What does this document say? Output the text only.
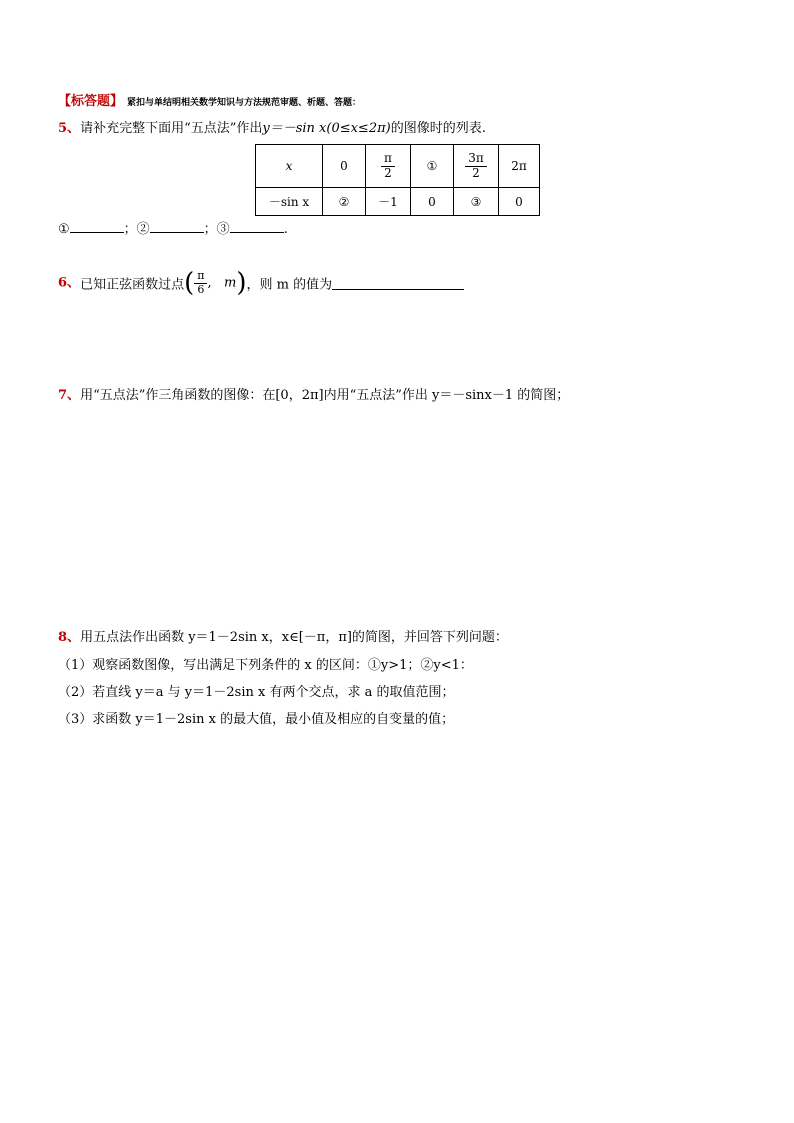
【标答题】 紧扣与单结明相关数学知识与方法规范审题、析题、答题：
5、请补充完整下面用“五点法”作出y＝－sin x(0≤x≤2π)的图像时的列表.
x	0	$\frac{\pi}{2}$	①	$\frac{3\pi}{2}$	2π
－sin x	②	－1	0	③	0
①	；②	；③	.
6、已知正弦函数过点( $\frac{\pi}{6}$ ,   m)，则 m 的值为
7、用“五点法”作三角函数的图像：在[0，2π]内用“五点法”作出 y＝－sinx－1 的简图；
8、用五点法作出函数 y＝1－2sin x，x∈[－π，π]的简图，并回答下列问题：
（1）观察函数图像，写出满足下列条件的 x 的区间：①y>1；②y<1：
（2）若直线 y＝a 与 y＝1－2sin x 有两个交点，求 a 的取值范围；
（3）求函数 y＝1－2sin x 的最大值，最小值及相应的自变量的值；
